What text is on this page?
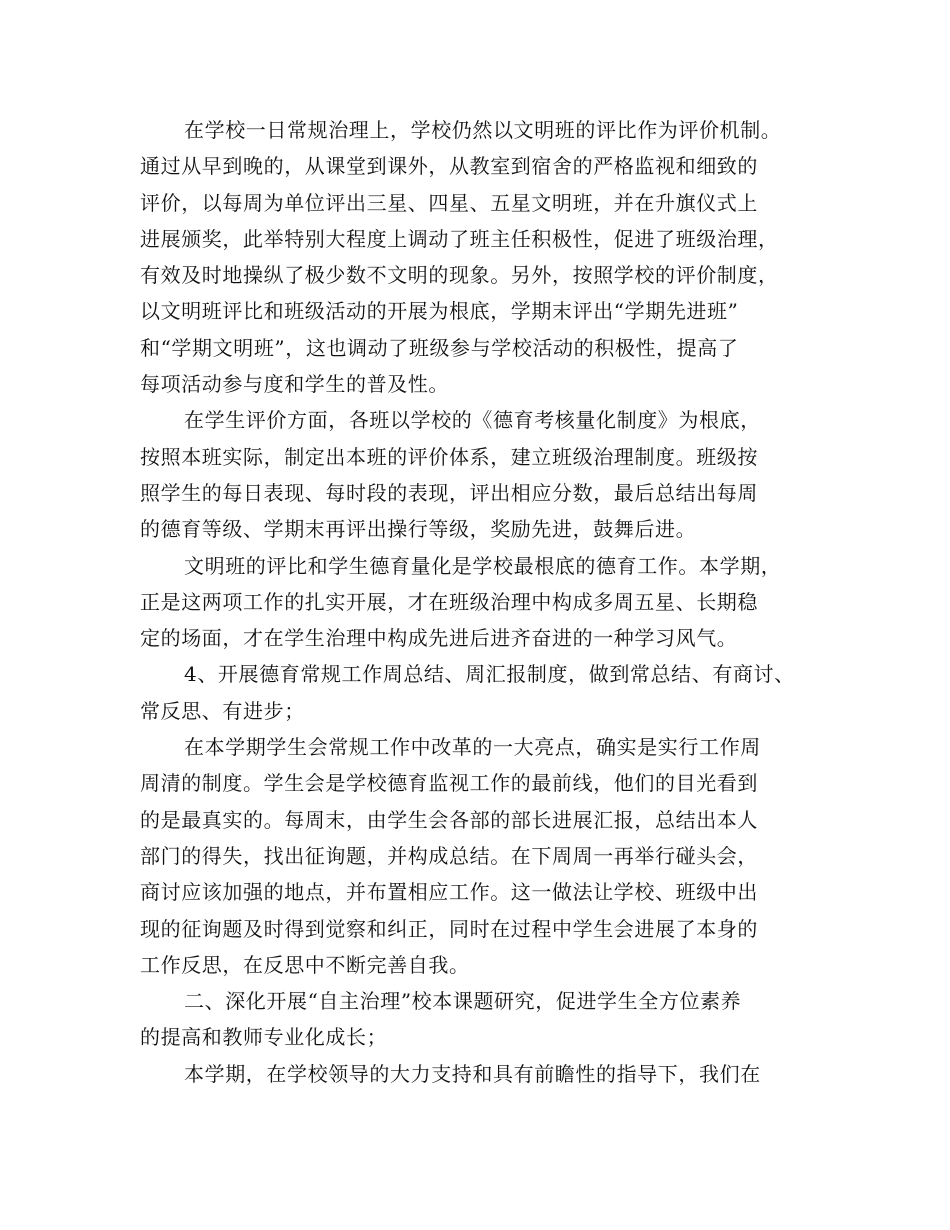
在学校一日常规治理上，学校仍然以文明班的评比作为评价机制。
通过从早到晚的，从课堂到课外，从教室到宿舍的严格监视和细致的
评价，以每周为单位评出三星、四星、五星文明班，并在升旗仪式上
进展颁奖，此举特别大程度上调动了班主任积极性，促进了班级治理，
有效及时地操纵了极少数不文明的现象。另外，按照学校的评价制度，
以文明班评比和班级活动的开展为根底，学期末评出“学期先进班”
和“学期文明班”，这也调动了班级参与学校活动的积极性，提高了
每项活动参与度和学生的普及性。
在学生评价方面，各班以学校的《德育考核量化制度》为根底，
按照本班实际，制定出本班的评价体系，建立班级治理制度。班级按
照学生的每日表现、每时段的表现，评出相应分数，最后总结出每周
的德育等级、学期末再评出操行等级，奖励先进，鼓舞后进。
文明班的评比和学生德育量化是学校最根底的德育工作。本学期，
正是这两项工作的扎实开展，才在班级治理中构成多周五星、长期稳
定的场面，才在学生治理中构成先进后进齐奋进的一种学习风气。
4、开展德育常规工作周总结、周汇报制度，做到常总结、有商讨、
常反思、有进步；
在本学期学生会常规工作中改革的一大亮点，确实是实行工作周
周清的制度。学生会是学校德育监视工作的最前线，他们的目光看到
的是最真实的。每周末，由学生会各部的部长进展汇报，总结出本人
部门的得失，找出征询题，并构成总结。在下周周一再举行碰头会，
商讨应该加强的地点，并布置相应工作。这一做法让学校、班级中出
现的征询题及时得到觉察和纠正，同时在过程中学生会进展了本身的
工作反思，在反思中不断完善自我。
二、深化开展“自主治理”校本课题研究，促进学生全方位素养
的提高和教师专业化成长；
本学期，在学校领导的大力支持和具有前瞻性的指导下，我们在
